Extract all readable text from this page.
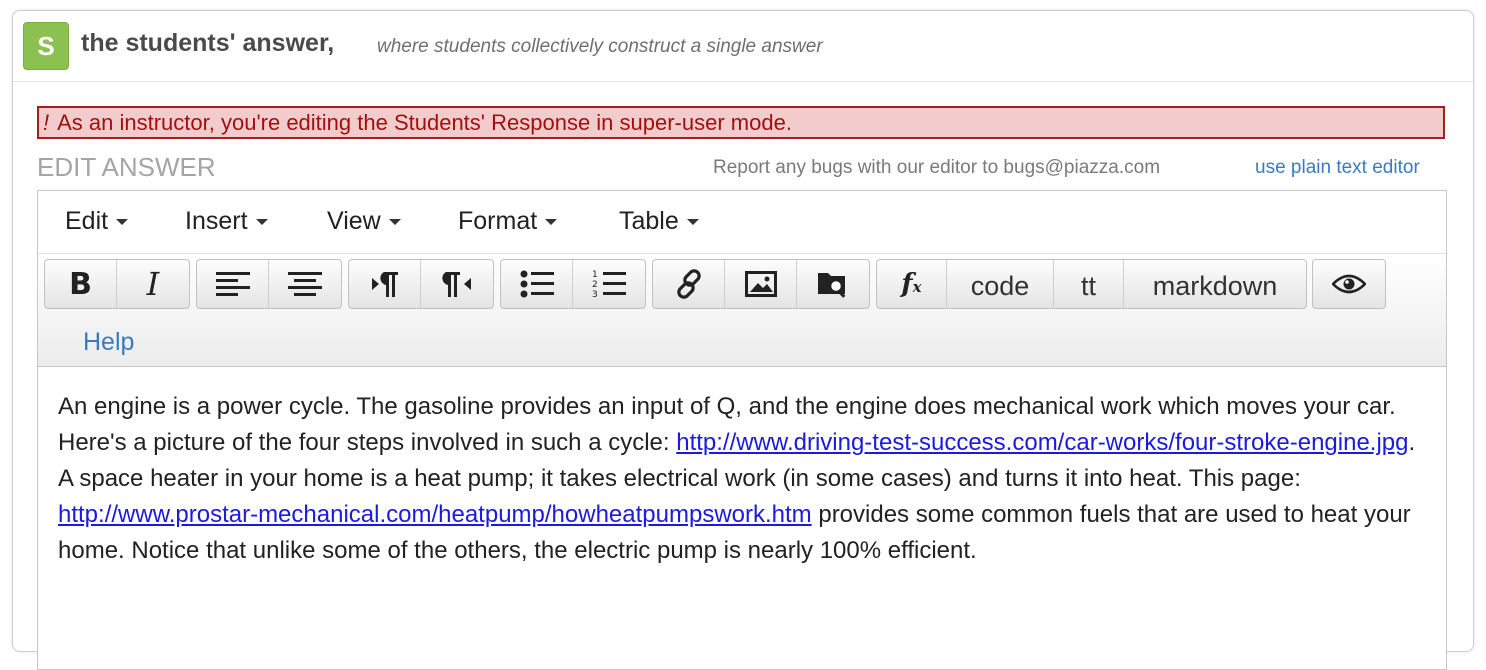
S	the students' answer, where students collectively construct a single answer
! As an instructor, you're editing the Students' Response in super-user mode.
EDIT ANSWER	Report any bugs with our editor to bugs@piazza.com	use plain text editor
Edit	Insert	View	Format	Table
B I	1
2
3	fx	code	tt	markdown
Help
An engine is a power cycle. The gasoline provides an input of Q, and the engine does mechanical work which moves your car. Here's a picture of the four steps involved in such a cycle: http://www.driving-test-success.com/car-works/four-stroke-engine.jpg. A space heater in your home is a heat pump; it takes electrical work (in some cases) and turns it into heat. This page: http://www.prostar-mechanical.com/heatpump/howheatpumpswork.htm provides some common fuels that are used to heat your home. Notice that unlike some of the others, the electric pump is nearly 100% efficient.
